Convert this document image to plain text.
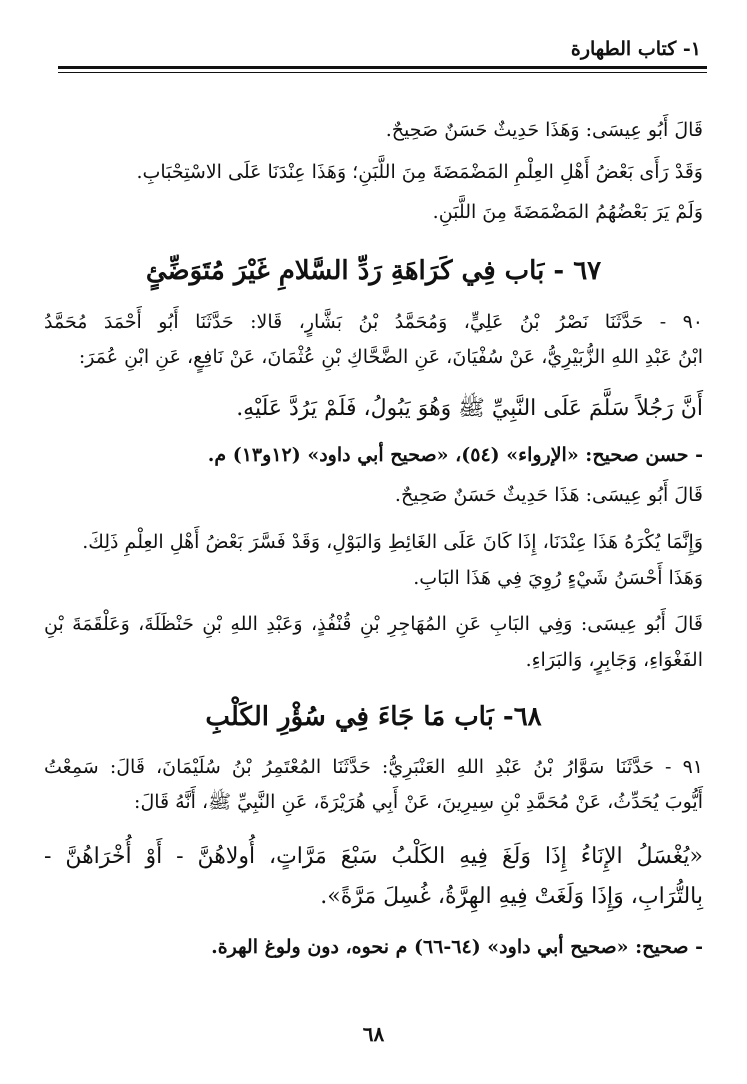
١- كتاب الطهارة
قَالَ أَبُو عِيسَى: وَهَذَا حَدِيثٌ حَسَنٌ صَحِيحٌ.
وَقَدْ رَأَى بَعْضُ أَهْلِ العِلْمِ المَضْمَضَةَ مِنَ اللَّبَنِ؛ وَهَذَا عِنْدَنَا عَلَى الاسْتِحْبَابِ.
وَلَمْ يَرَ بَعْضُهُمُ المَضْمَضَةَ مِنَ اللَّبَنِ.
٦٧ - بَاب فِي كَرَاهَةِ رَدِّ السَّلامِ غَيْرَ مُتَوَضِّئٍ
٩٠ - حَدَّثَنَا نَصْرُ بْنُ عَلِيٍّ، وَمُحَمَّدُ بْنُ بَشَّارٍ، قَالا: حَدَّثَنَا أَبُو أَحْمَدَ مُحَمَّدُ
ابْنُ عَبْدِ اللهِ الزُّبَيْرِيُّ، عَنْ سُفْيَانَ، عَنِ الضَّحَّاكِ بْنِ عُثْمَانَ، عَنْ نَافِعٍ، عَنِ ابْنِ عُمَرَ:
أَنَّ رَجُلاً سَلَّمَ عَلَى النَّبِيِّ ﷺ وَهُوَ يَبُولُ، فَلَمْ يَرُدَّ عَلَيْهِ.
- حسن صحيح: «الإرواء» (٥٤)، «صحيح أبي داود» (١٢و١٣) م.
قَالَ أَبُو عِيسَى: هَذَا حَدِيثٌ حَسَنٌ صَحِيحٌ.
وَإِنَّمَا يُكْرَهُ هَذَا عِنْدَنَا، إِذَا كَانَ عَلَى الغَائِطِ وَالبَوْلِ، وَقَدْ فَسَّرَ بَعْضُ أَهْلِ العِلْمِ ذَلِكَ.
وَهَذَا أَحْسَنُ شَيْءٍ رُوِيَ فِي هَذَا البَابِ.
قَالَ أَبُو عِيسَى: وَفِي البَابِ عَنِ المُهَاجِرِ بْنِ قُنْفُذٍ، وَعَبْدِ اللهِ بْنِ حَنْظَلَةَ، وَعَلْقَمَةَ بْنِ
الفَغْوَاءِ، وَجَابِرٍ، وَالبَرَاءِ.
٦٨- بَاب مَا جَاءَ فِي سُؤْرِ الكَلْبِ
٩١ - حَدَّثَنَا سَوَّارُ بْنُ عَبْدِ اللهِ العَنْبَرِيُّ: حَدَّثَنَا المُعْتَمِرُ بْنُ سُلَيْمَانَ، قَالَ: سَمِعْتُ
أَيُّوبَ يُحَدِّثُ، عَنْ مُحَمَّدِ بْنِ سِيرِينَ، عَنْ أَبِي هُرَيْرَةَ، عَنِ النَّبِيِّ ﷺ، أَنَّهُ قَالَ:
«يُغْسَلُ الإِنَاءُ إِذَا وَلَغَ فِيهِ الكَلْبُ سَبْعَ مَرَّاتٍ، أُولاهُنَّ - أَوْ أُخْرَاهُنَّ -
بِالتُّرَابِ، وَإِذَا وَلَغَتْ فِيهِ الهِرَّةُ، غُسِلَ مَرَّةً».
- صحيح: «صحيح أبي داود» (٦٤-٦٦) م نحوه، دون ولوغ الهرة.
٦٨
